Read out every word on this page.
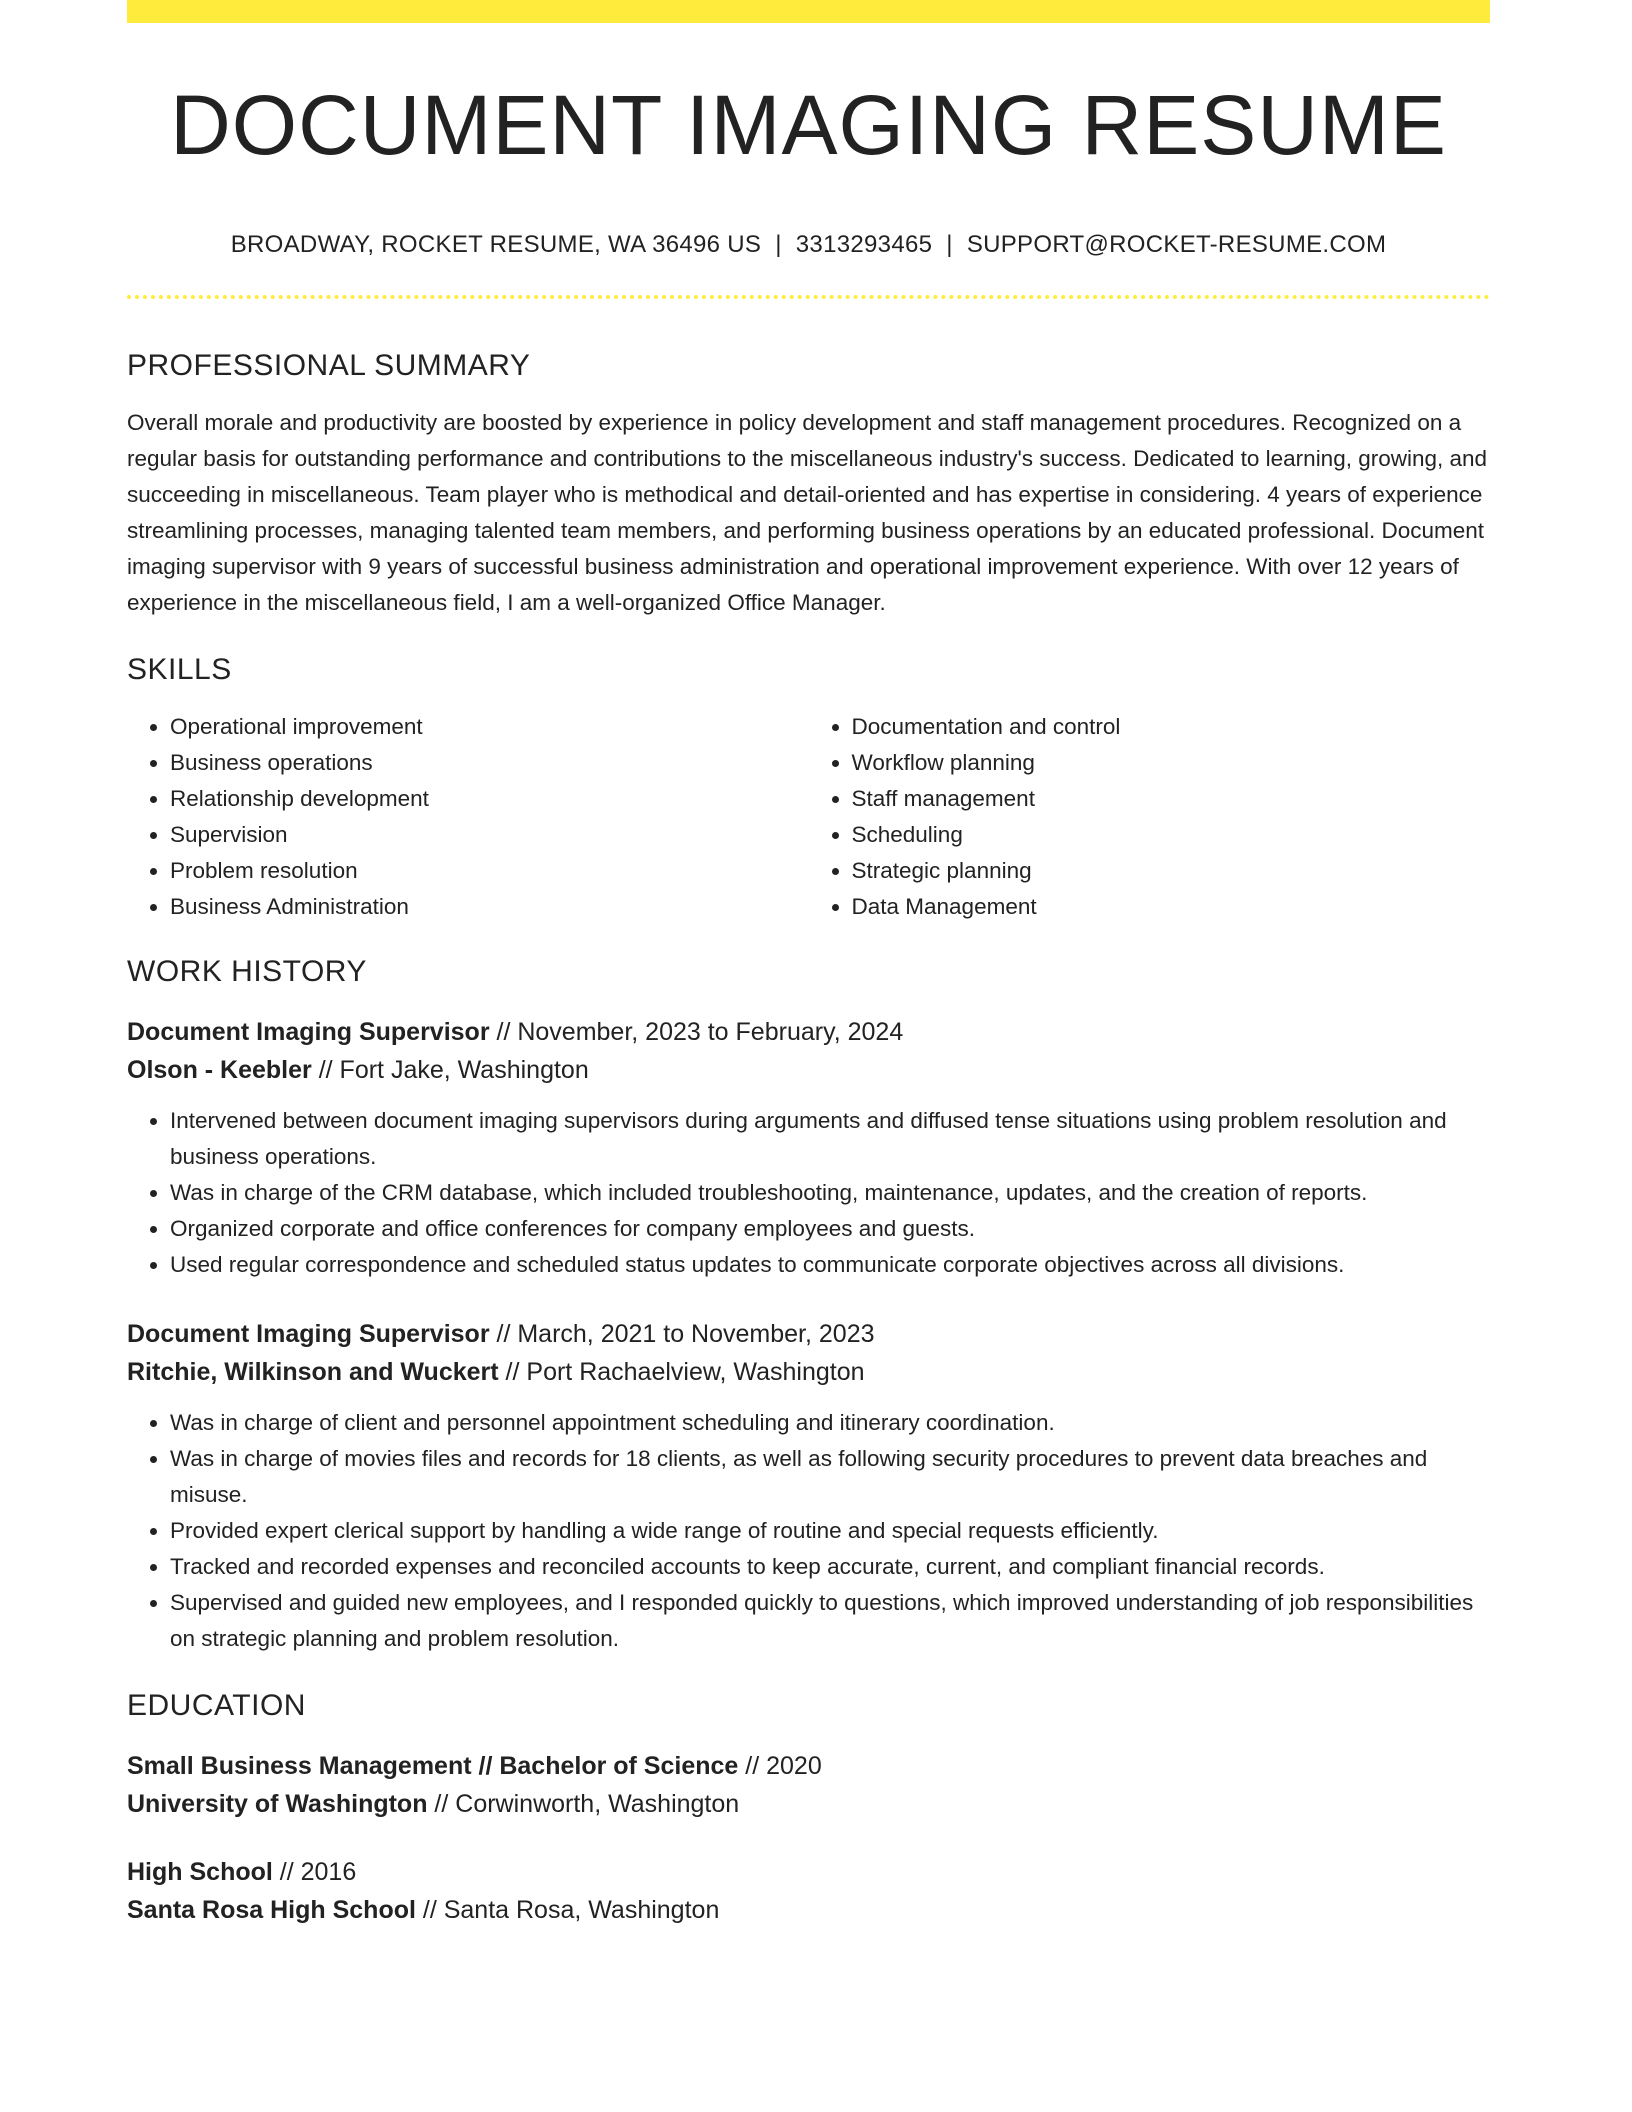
DOCUMENT IMAGING RESUME
BROADWAY, ROCKET RESUME, WA 36496 US | 3313293465 | SUPPORT@ROCKET-RESUME.COM
PROFESSIONAL SUMMARY

Overall morale and productivity are boosted by experience in policy development and staff management procedures. Recognized on a regular basis for outstanding performance and contributions to the miscellaneous industry's success. Dedicated to learning, growing, and succeeding in miscellaneous. Team player who is methodical and detail-oriented and has expertise in considering. 4 years of experience streamlining processes, managing talented team members, and performing business operations by an educated professional. Document imaging supervisor with 9 years of successful business administration and operational improvement experience. With over 12 years of experience in the miscellaneous field, I am a well-organized Office Manager.

SKILLS
• Operational improvement
• Business operations
• Relationship development
• Supervision
• Problem resolution
• Business Administration
• Documentation and control
• Workflow planning
• Staff management
• Scheduling
• Strategic planning
• Data Management
WORK HISTORY
Document Imaging Supervisor // November, 2023 to February, 2024
Olson - Keebler // Fort Jake, Washington
• Intervened between document imaging supervisors during arguments and diffused tense situations using problem resolution and business operations.
• Was in charge of the CRM database, which included troubleshooting, maintenance, updates, and the creation of reports.
• Organized corporate and office conferences for company employees and guests.
• Used regular correspondence and scheduled status updates to communicate corporate objectives across all divisions.
Document Imaging Supervisor // March, 2021 to November, 2023
Ritchie, Wilkinson and Wuckert // Port Rachaelview, Washington
• Was in charge of client and personnel appointment scheduling and itinerary coordination.
• Was in charge of movies files and records for 18 clients, as well as following security procedures to prevent data breaches and misuse.
• Provided expert clerical support by handling a wide range of routine and special requests efficiently.
• Tracked and recorded expenses and reconciled accounts to keep accurate, current, and compliant financial records.
• Supervised and guided new employees, and I responded quickly to questions, which improved understanding of job responsibilities on strategic planning and problem resolution.
EDUCATION
Small Business Management // Bachelor of Science // 2020
University of Washington // Corwinworth, Washington
High School // 2016
Santa Rosa High School // Santa Rosa, Washington
